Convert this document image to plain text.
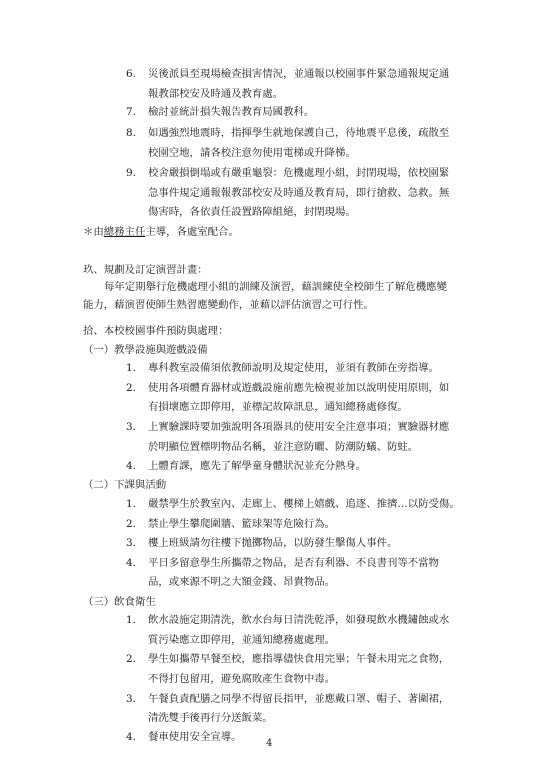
6. 災後派員至現場檢查損害情況，並通報以校園事件緊急通報規定通
報教部校安及時通及教育處。
7. 檢討並統計損失報告教育局國教科。
8. 如遇強烈地震時，指揮學生就地保護自己，待地震平息後，疏散至
校園空地，請各校注意勿使用電梯或升降梯。
9. 校舍嚴損倒塌或有嚴重龜裂：危機處理小組，封閉現場，依校園緊
急事件規定通報報教部校安及時通及教育局，即行搶救、急救。無
傷害時，各依責任設置路障組絕，封閉現場。
＊由總務主任主導，各處室配合。
玖、規劃及訂定演習計畫：
每年定期舉行危機處理小組的訓練及演習，藉訓練使全校師生了解危機應變
能力，藉演習使師生熟習應變動作，並藉以評估演習之可行性。
拾、本校校園事件預防與處理：
（一）教學設施與遊戲設備
1. 專科教室設備須依教師說明及規定使用，並須有教師在旁指導。
2. 使用各項體育器材或遊戲設施前應先檢視並加以說明使用原則，如
有損壞應立即停用，並標記故障訊息，通知總務處修復。
3. 上實驗課時要加強說明各項器具的使用安全注意事項；實驗器材應
於明顯位置標明物品名稱，並注意防曬、防潮防蟻、防蛀。
4. 上體育課，應先了解學童身體狀況並充分熱身。
（二）下課與活動
1. 嚴禁學生於教室內、走廊上、樓梯上嬉戲、追逐、推擠…以防受傷。
2. 禁止學生攀爬圍牆、籃球架等危險行為。
3. 樓上班級請勿往樓下拋擲物品，以防發生擊傷人事件。
4. 平日多留意學生所攜帶之物品，是否有利器、不良書刊等不當物
品，或來源不明之大額金錢、昂貴物品。
（三）飲食衛生
1. 飲水設施定期清洗，飲水台每日清洗乾淨，如發現飲水機鏽蝕或水
質污染應立即停用，並通知總務處處理。
2. 學生如攜帶早餐至校，應指導儘快食用完畢；午餐未用完之食物，
不得打包留用，避免腐敗產生食物中毒。
3. 午餐負責配膳之同學不得留長指甲，並應戴口罩、帽子、著圍裙，
清洗雙手後再行分送飯菜。
4. 餐車使用安全宣導。
4
